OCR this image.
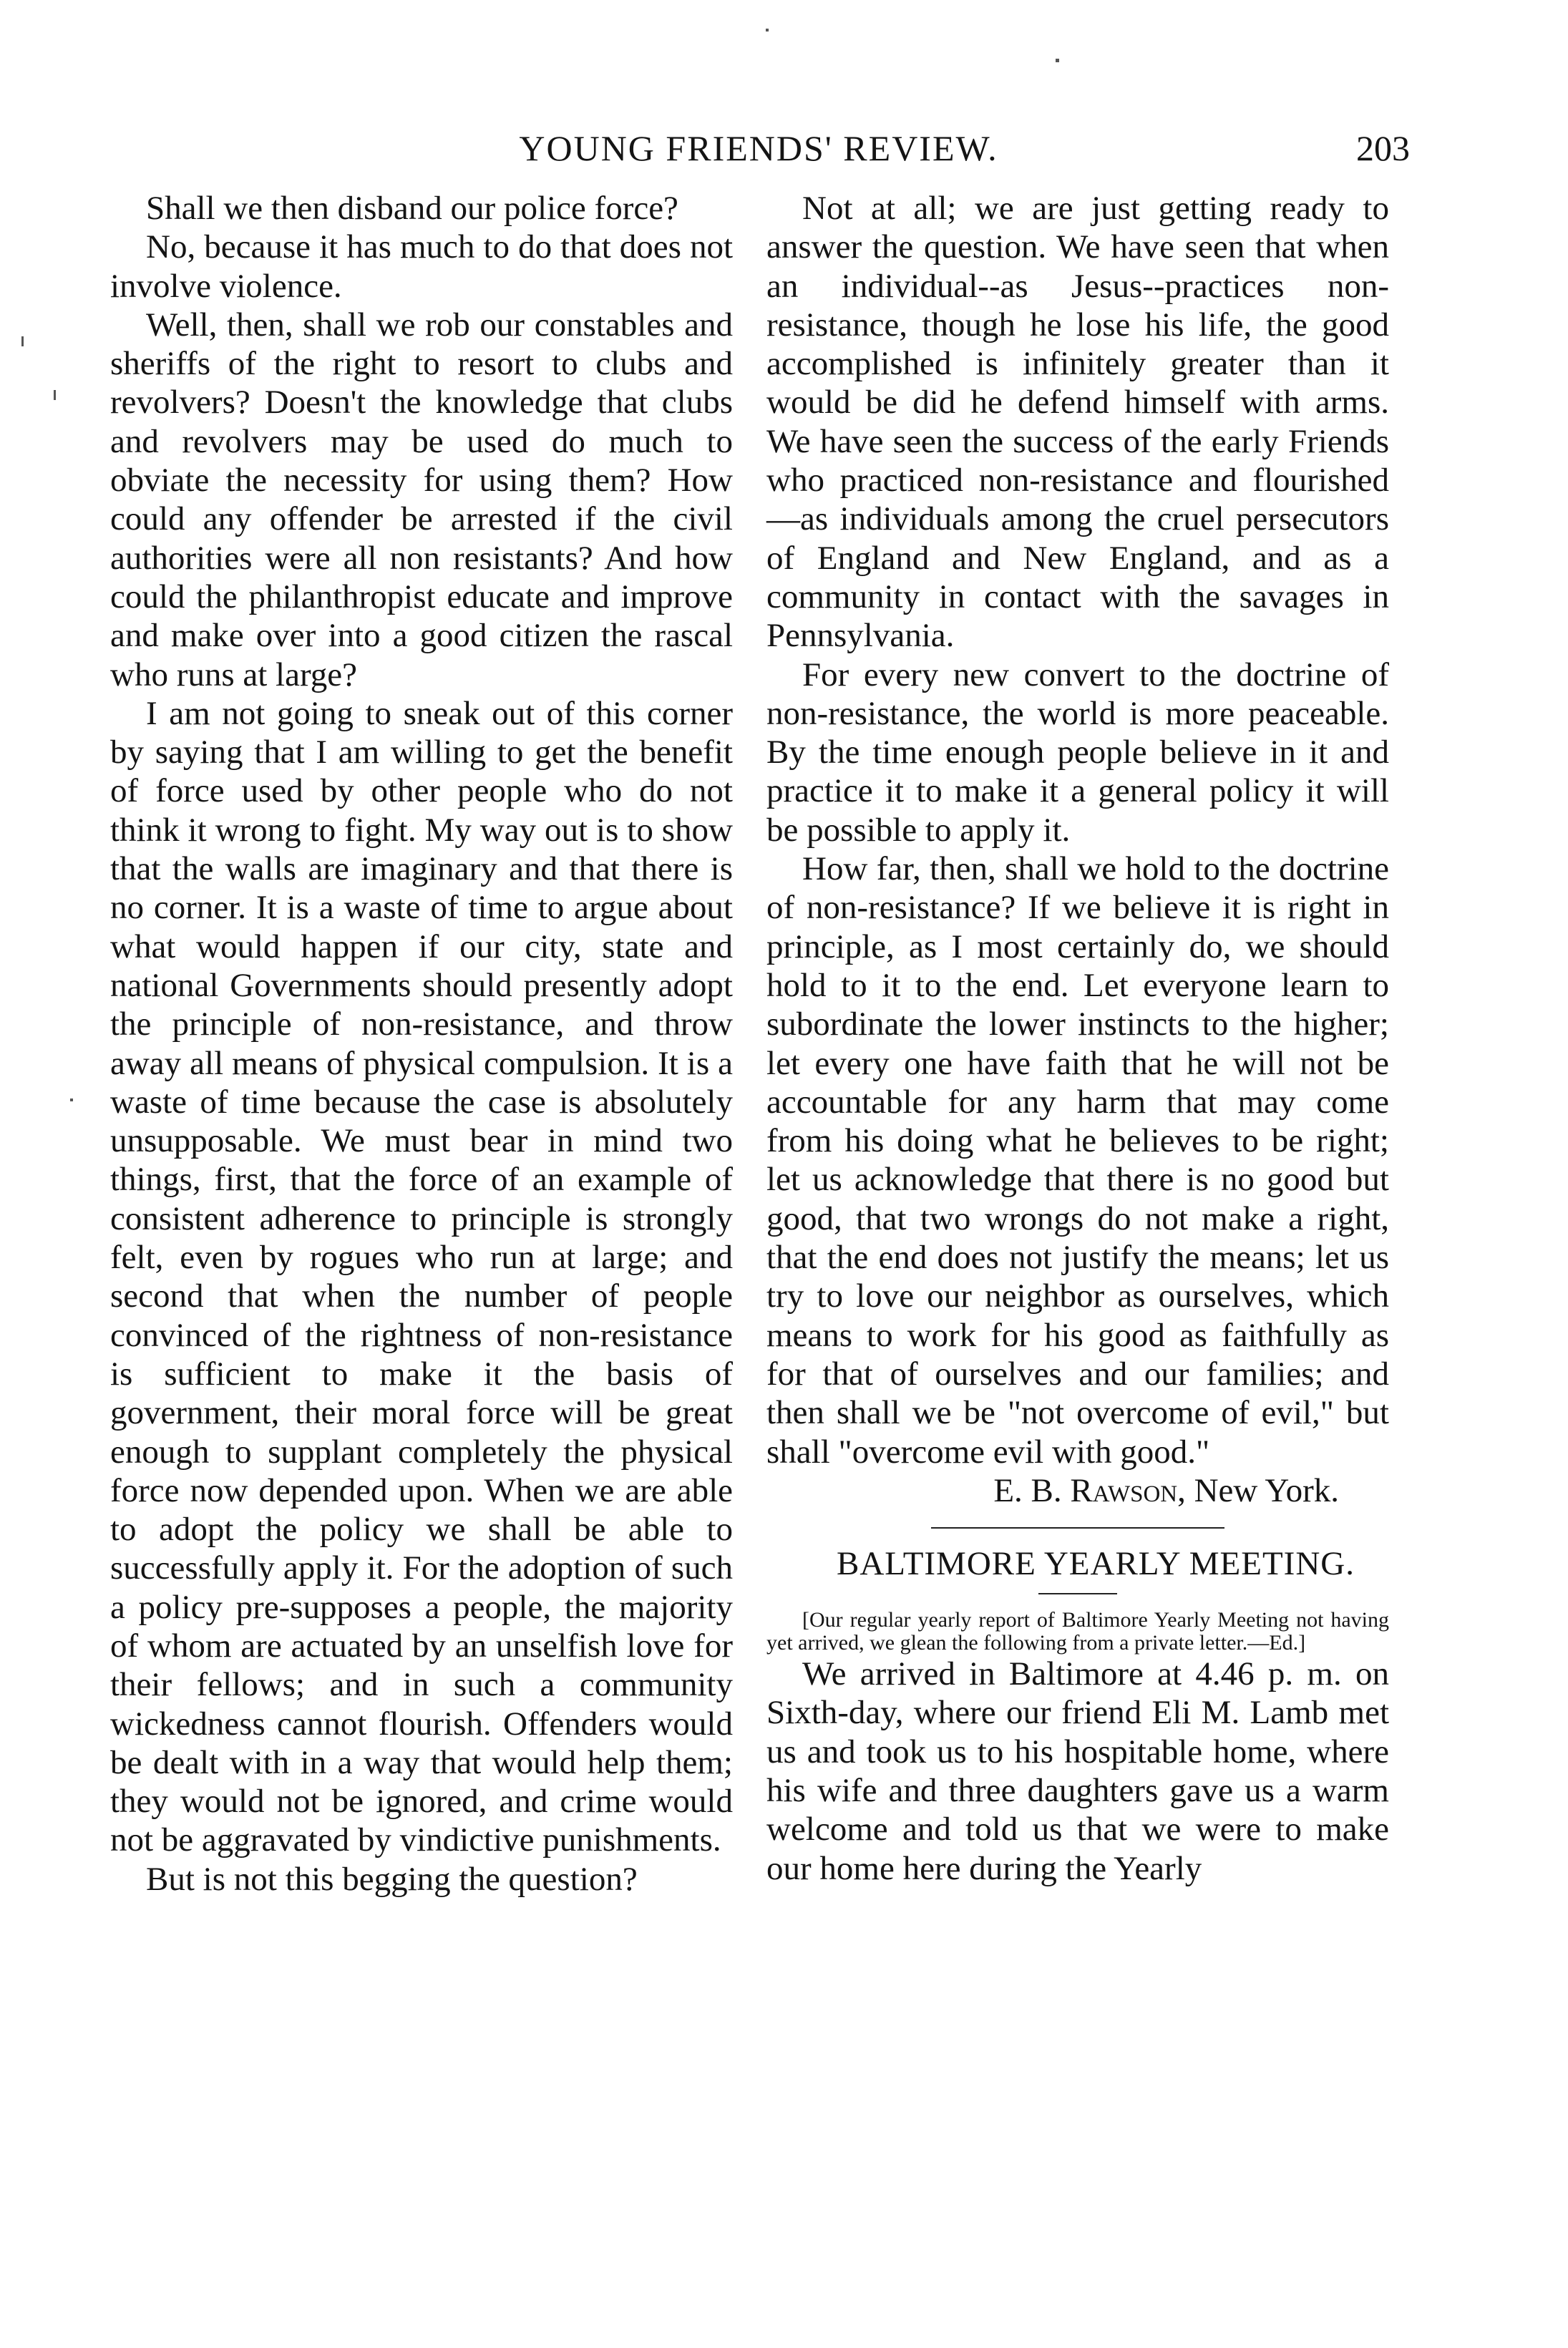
YOUNG FRIENDS' REVIEW.	203

Shall we then disband our police force?

No, because it has much to do that does not involve violence.

Well, then, shall we rob our constables and sheriffs of the right to resort to clubs and revolvers? Doesn't the knowledge that clubs and revolvers may be used do much to obviate the necessity for using them? How could any offender be arrested if the civil authorities were all non resistants? And how could the philanthropist educate and improve and make over into a good citizen the rascal who runs at large?

I am not going to sneak out of this corner by saying that I am willing to get the benefit of force used by other people who do not think it wrong to fight. My way out is to show that the walls are imaginary and that there is no corner. It is a waste of time to argue about what would happen if our city, state and national Governments should presently adopt the principle of non-resistance, and throw away all means of physical compulsion. It is a waste of time because the case is absolutely unsupposable. We must bear in mind two things, first, that the force of an example of consistent adherence to principle is strongly felt, even by rogues who run at large; and second that when the number of people convinced of the rightness of non-resistance is sufficient to make it the basis of government, their moral force will be great enough to supplant completely the physical force now depended upon. When we are able to adopt the policy we shall be able to successfully apply it. For the adoption of such a policy pre-supposes a people, the majority of whom are actuated by an unselfish love for their fellows; and in such a community wickedness cannot flourish. Offenders would be dealt with in a way that would help them; they would not be ignored, and crime would not be aggravated by vindictive punishments.

But is not this begging the question?

Not at all; we are just getting ready to answer the question. We have seen that when an individual--as Jesus--practices non-resistance, though he lose his life, the good accomplished is infinitely greater than it would be did he defend himself with arms. We have seen the success of the early Friends who practiced non-resistance and flourished—as individuals among the cruel persecutors of England and New England, and as a community in contact with the savages in Pennsylvania.

For every new convert to the doctrine of non-resistance, the world is more peaceable. By the time enough people believe in it and practice it to make it a general policy it will be possible to apply it.

How far, then, shall we hold to the doctrine of non-resistance? If we believe it is right in principle, as I most certainly do, we should hold to it to the end. Let everyone learn to subordinate the lower instincts to the higher; let every one have faith that he will not be accountable for any harm that may come from his doing what he believes to be right; let us acknowledge that there is no good but good, that two wrongs do not make a right, that the end does not justify the means; let us try to love our neighbor as ourselves, which means to work for his good as faithfully as for that of ourselves and our families; and then shall we be "not overcome of evil," but shall "overcome evil with good."

E. B. Rawson, New York.

BALTIMORE YEARLY MEETING.

[Our regular yearly report of Baltimore Yearly Meeting not having yet arrived, we glean the following from a private letter.—Ed.]

We arrived in Baltimore at 4.46 p. m. on Sixth-day, where our friend Eli M. Lamb met us and took us to his hospitable home, where his wife and three daughters gave us a warm welcome and told us that we were to make our home here during the Yearly
